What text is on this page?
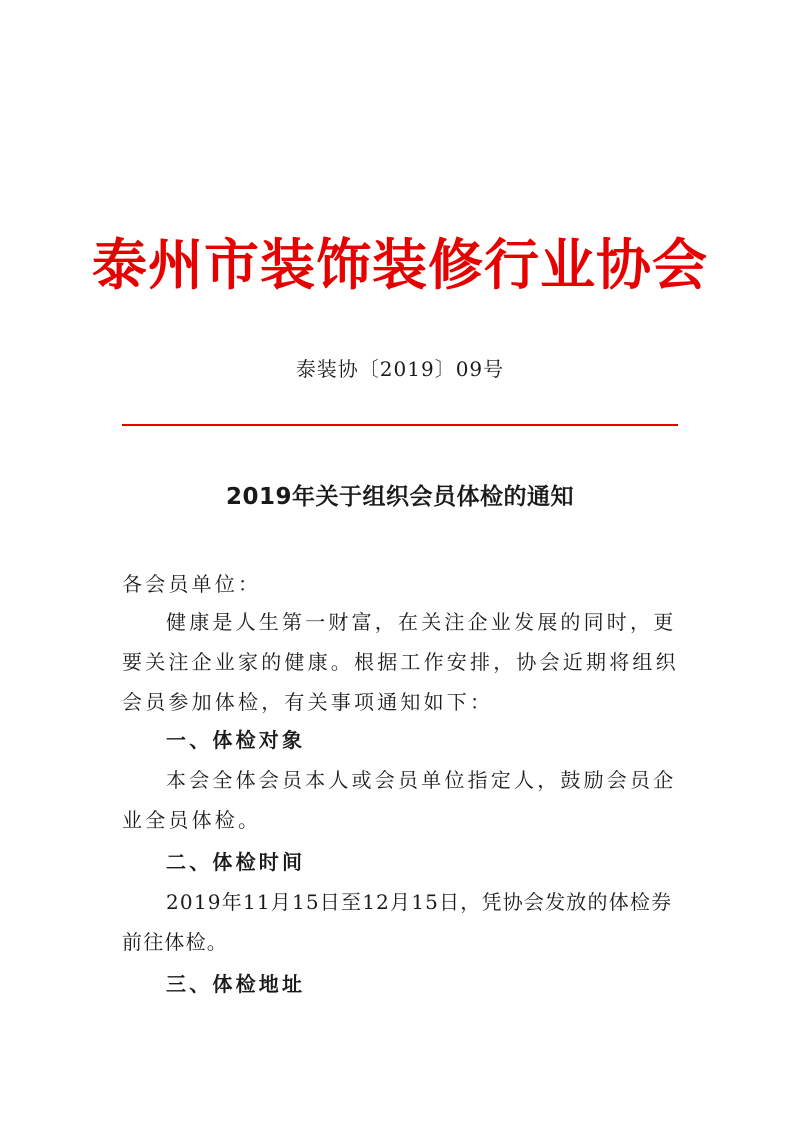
泰州市装饰装修行业协会
泰装协〔2019〕09号
2019年关于组织会员体检的通知
各会员单位：
健康是人生第一财富，在关注企业发展的同时，更要关注企业家的健康。根据工作安排，协会近期将组织会员参加体检，有关事项通知如下：
一、体检对象
本会全体会员本人或会员单位指定人，鼓励会员企业全员体检。
二、体检时间
2019年11月15日至12月15日，凭协会发放的体检券前往体检。
三、体检地址
